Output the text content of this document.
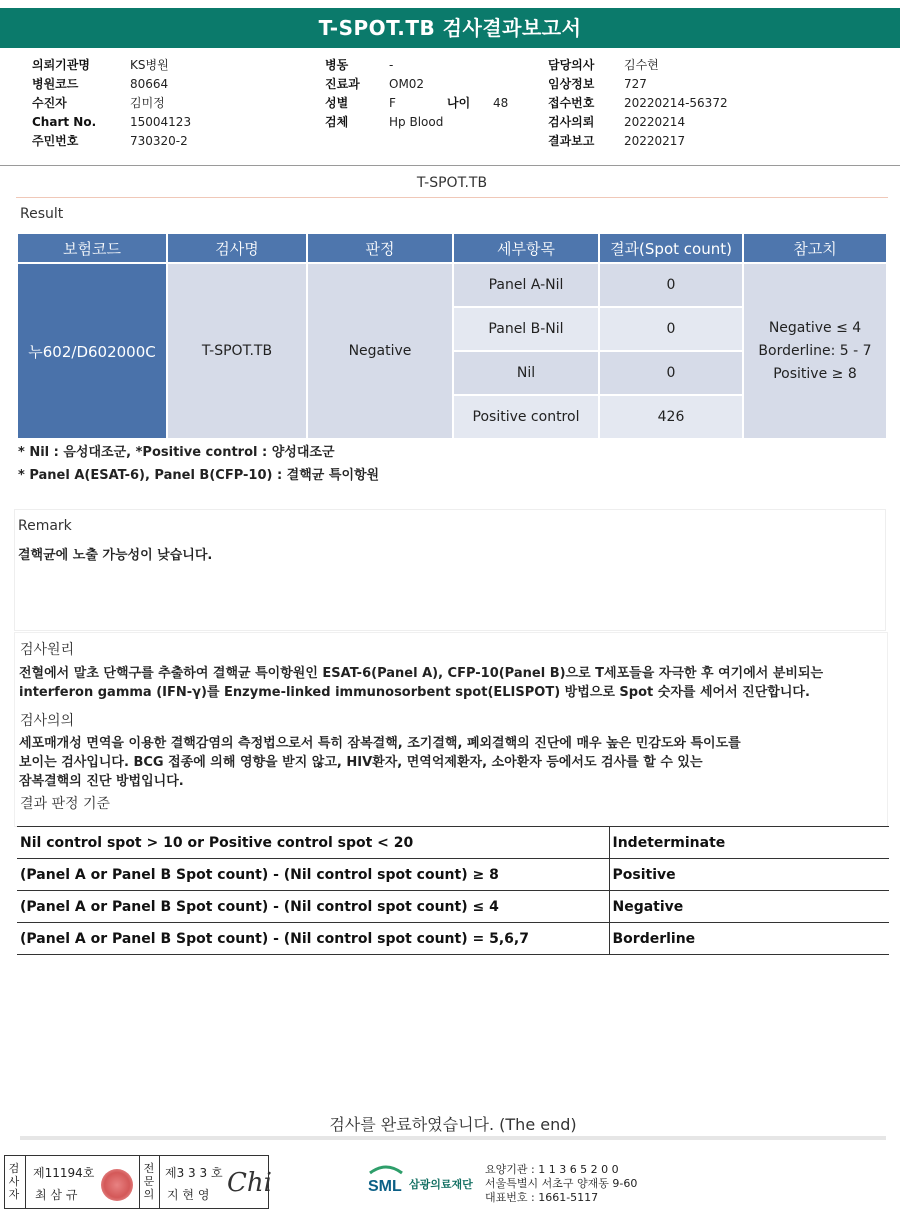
T-SPOT.TB 검사결과보고서
의뢰기관명	KS병원
병원코드	80664
수진자	김미정
Chart No.	15004123
주민번호	730320-2
병동	-
진료과	OM02
성별	F	나이	48
검체	Hp Blood
담당의사	김수현
임상정보	727
접수번호	20220214-56372
검사의뢰	20220214
결과보고	20220217
T-SPOT.TB
Result
보험코드	검사명	판정	세부항목	결과(Spot count)	참고치
누602/D602000C	T-SPOT.TB	Negative	Panel A-Nil	0	Negative ≤ 4
Borderline: 5 - 7
Positive ≥ 8

			Panel B-Nil	0	
			Nil	0	
			Positive control	426	
* Nil : 음성대조군, *Positive control : 양성대조군
* Panel A(ESAT-6), Panel B(CFP-10) : 결핵균 특이항원
Remark
결핵균에 노출 가능성이 낮습니다.
검사원리
전혈에서 말초 단핵구를 추출하여 결핵균 특이항원인 ESAT-6(Panel A), CFP-10(Panel B)으로 T세포들을 자극한 후 여기에서 분비되는
interferon gamma (IFN-γ)를 Enzyme-linked immunosorbent spot(ELISPOT) 방법으로 Spot 숫자를 세어서 진단합니다.
검사의의
세포매개성 면역을 이용한 결핵감염의 측정법으로서 특히 잠복결핵, 조기결핵, 폐외결핵의 진단에 매우 높은 민감도와 특이도를
보이는 검사입니다. BCG 접종에 의해 영향을 받지 않고, HIV환자, 면역억제환자, 소아환자 등에서도 검사를 할 수 있는
잠복결핵의 진단 방법입니다.
결과 판정 기준
Nil control spot > 10 or Positive control spot < 20	Indeterminate
(Panel A or Panel B Spot count) - (Nil control spot count) ≥ 8	Positive
(Panel A or Panel B Spot count) - (Nil control spot count) ≤ 4	Negative
(Panel A or Panel B Spot count) - (Nil control spot count) = 5,6,7	Borderline
검사를 완료하였습니다. (The end)
검
사
자
제11194호
최 삼 규
전
문
의
제3 3 3 호
지 현 영 Chi	SML 삼광의료재단
요양기관 : 1 1 3 6 5 2 0 0
서울특별시 서초구 양재동 9-60
대표번호 : 1661-5117
